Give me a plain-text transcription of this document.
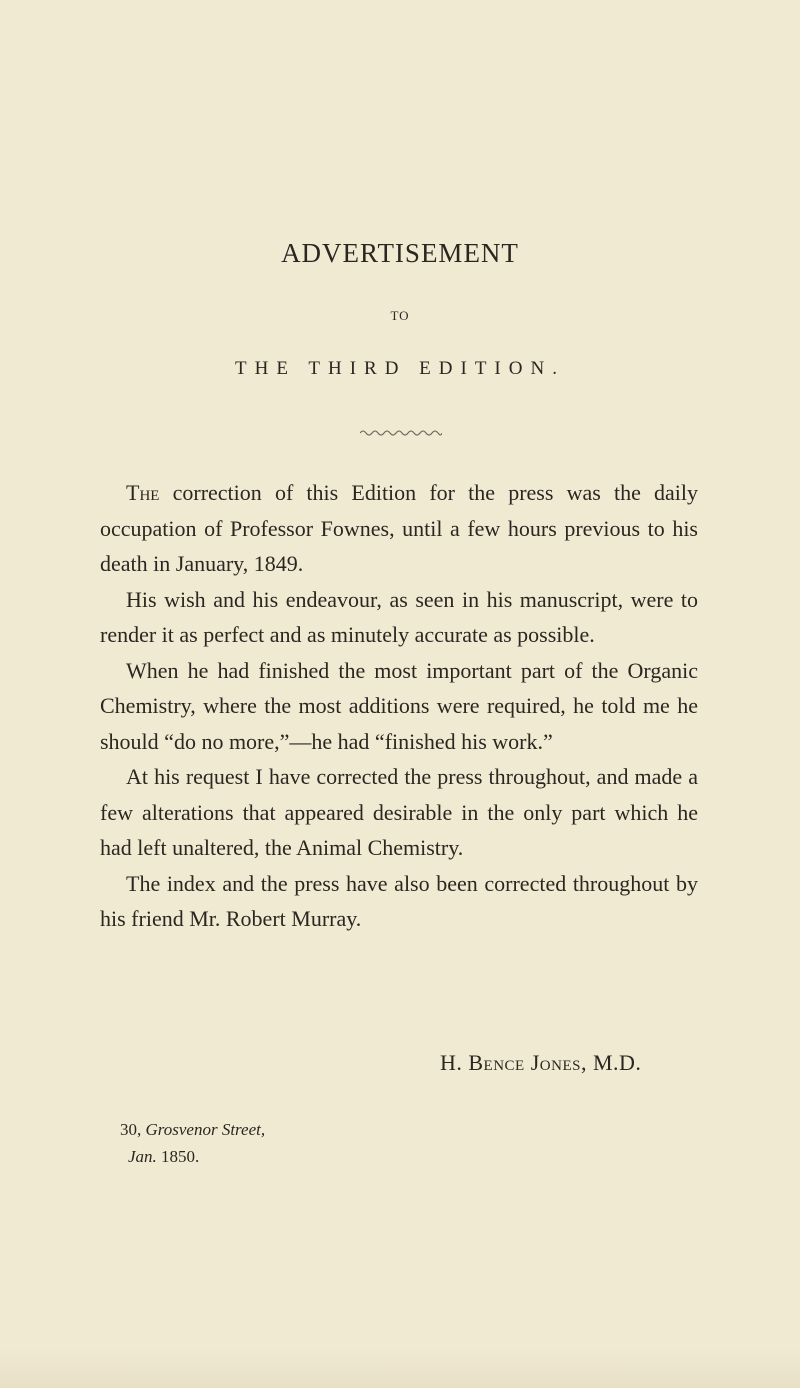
ADVERTISEMENT
TO
THE THIRD EDITION.

The correction of this Edition for the press was the daily occupation of Professor Fownes, until a few hours previous to his death in January, 1849.

His wish and his endeavour, as seen in his manuscript, were to render it as perfect and as minutely accurate as possible.

When he had finished the most important part of the Organic Chemistry, where the most additions were required, he told me he should “do no more,”—he had “finished his work.”

At his request I have corrected the press throughout, and made a few alterations that appeared desirable in the only part which he had left unaltered, the Animal Chemistry.

The index and the press have also been corrected throughout by his friend Mr. Robert Murray.

H. Bence Jones, M.D.
30, Grosvenor Street,
Jan. 1850.
